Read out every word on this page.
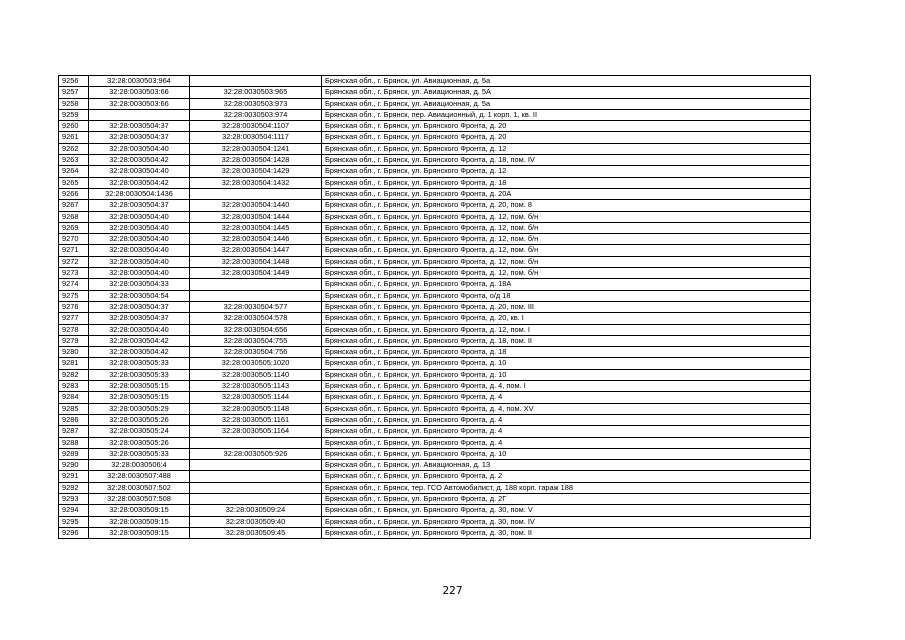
9256	32:28:0030503:964		Брянская обл., г. Брянск, ул. Авиационная, д. 5а
9257	32:28:0030503:66	32:28:0030503:965	Брянская обл., г. Брянск, ул. Авиационная, д. 5А
9258	32:28:0030503:66	32:28:0030503:973	Брянская обл., г. Брянск, ул. Авиационная, д. 5а
9259		32:28:0030503:974	Брянская обл., г. Брянск, пер. Авиационный, д. 1 корп. 1, кв. II
9260	32:28:0030504:37	32:28:0030504:1107	Брянская обл., г. Брянск, ул. Брянского Фронта, д. 20
9261	32:28:0030504:37	32:28:0030504:1117	Брянская обл., г. Брянск, ул. Брянского Фронта, д. 20
9262	32:28:0030504:40	32:28:0030504:1241	Брянская обл., г. Брянск, ул. Брянского Фронта, д. 12
9263	32:28:0030504:42	32:28:0030504:1428	Брянская обл., г. Брянск, ул. Брянского Фронта, д. 18, пом. IV
9264	32:28:0030504:40	32:28:0030504:1429	Брянская обл., г. Брянск, ул. Брянского Фронта, д. 12
9265	32:28:0030504:42	32:28:0030504:1432	Брянская обл., г. Брянск, ул. Брянского Фронта, д. 18
9266	32:28:0030504:1436		Брянская обл., г. Брянск, ул. Брянского Фронта, д. 20А
9267	32:28:0030504:37	32:28:0030504:1440	Брянская обл., г. Брянск, ул. Брянского Фронта, д. 20, пом. 8
9268	32:28:0030504:40	32:28:0030504:1444	Брянская обл., г. Брянск, ул. Брянского Фронта, д. 12, пом. б/н
9269	32:28:0030504:40	32:28:0030504:1445	Брянская обл., г. Брянск, ул. Брянского Фронта, д. 12, пом. б/н
9270	32:28:0030504:40	32:28:0030504:1446	Брянская обл., г. Брянск, ул. Брянского Фронта, д. 12, пом. б/н
9271	32:28:0030504:40	32:28:0030504:1447	Брянская обл., г. Брянск, ул. Брянского Фронта, д. 12, пом. б/н
9272	32:28:0030504:40	32:28:0030504:1448	Брянская обл., г. Брянск, ул. Брянского Фронта, д. 12, пом. б/н
9273	32:28:0030504:40	32:28:0030504:1449	Брянская обл., г. Брянск, ул. Брянского Фронта, д. 12, пом. б/н
9274	32:28:0030504:33		Брянская обл., г. Брянск, ул. Брянского Фронта, д. 18А
9275	32:28:0030504:54		Брянская обл., г. Брянск, ул. Брянского Фронта, о/д 18
9276	32:28:0030504:37	32:28:0030504:577	Брянская обл., г. Брянск, ул. Брянского Фронта, д. 20, пом. III
9277	32:28:0030504:37	32:28:0030504:578	Брянская обл., г. Брянск, ул. Брянского Фронта, д. 20, кв. I
9278	32:28:0030504:40	32:28:0030504:656	Брянская обл., г. Брянск, ул. Брянского Фронта, д. 12, пом. I
9279	32:28:0030504:42	32:28:0030504:755	Брянская обл., г. Брянск, ул. Брянского Фронта, д. 18, пом. II
9280	32:28:0030504:42	32:28:0030504:756	Брянская обл., г. Брянск, ул. Брянского Фронта, д. 18
9281	32:28:0030505:33	32:28:0030505:1020	Брянская обл., г. Брянск, ул. Брянского Фронта, д. 10
9282	32:28:0030505:33	32:28:0030505:1140	Брянская обл., г. Брянск, ул. Брянского Фронта, д. 10
9283	32:28:0030505:15	32:28:0030505:1143	Брянская обл., г. Брянск, ул. Брянского Фронта, д. 4, пом. I
9284	32:28:0030505:15	32:28:0030505:1144	Брянская обл., г. Брянск, ул. Брянского Фронта, д. 4
9285	32:28:0030505:29	32:28:0030505:1148	Брянская обл., г. Брянск, ул. Брянского Фронта, д. 4, пом. XV
9286	32:28:0030505:26	32:28:0030505:1161	Брянская обл., г. Брянск, ул. Брянского Фронта, д. 4
9287	32:28:0030505:24	32:28:0030505:1164	Брянская обл., г. Брянск, ул. Брянского Фронта, д. 4
9288	32:28:0030505:26		Брянская обл., г. Брянск, ул. Брянского Фронта, д. 4
9289	32:28:0030505:33	32:28:0030505:926	Брянская обл., г. Брянск, ул. Брянского Фронта, д. 10
9290	32:28:0030506:4		Брянская обл., г. Брянск, ул. Авиационная, д. 13
9291	32:28:0030507:488		Брянская обл., г. Брянск, ул. Брянского Фронта, д. 2
9292	32:28:0030507:502		Брянская обл., г. Брянск, тер. ГСО Автомобилист, д. 188 корп. гараж 188
9293	32:28:0030507:508		Брянская обл., г. Брянск, ул. Брянского Фронта, д. 2Г
9294	32:28:0030509:15	32:28:0030509:24	Брянская обл., г. Брянск, ул. Брянского Фронта, д. 30, пом. V
9295	32:28:0030509:15	32:28:0030509:40	Брянская обл., г. Брянск, ул. Брянского Фронта, д. 30, пом. IV
9296	32:28:0030509:15	32:28:0030509:45	Брянская обл., г. Брянск, ул. Брянского Фронта, д. 30, пом. II
227
